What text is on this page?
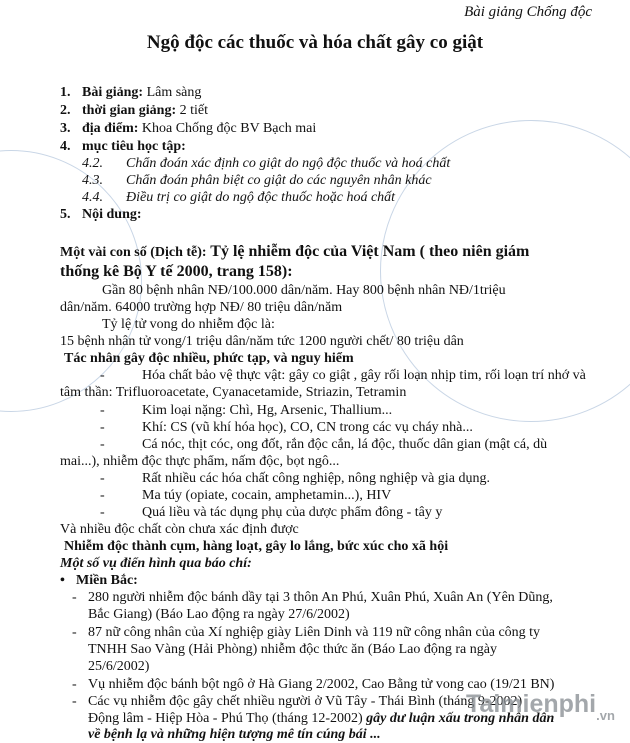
Bài giảng Chống độc
Ngộ độc các thuốc và hóa chất gây co giật
1. Bài giảng: Lâm sàng
2. thời gian giảng: 2 tiết
3. địa điểm: Khoa Chống độc BV Bạch mai
4. mục tiêu học tập:
4.2. Chẩn đoán xác định co giật do ngộ độc thuốc và hoá chất
4.3. Chẩn đoán phân biệt co giật do các nguyên nhân khác
4.4. Điều trị co giật do ngộ độc thuốc hoặc hoá chất
5. Nội dung:
Một vài con số (Dịch tễ): Tỷ lệ nhiễm độc của Việt Nam ( theo niên giám
thống kê Bộ Y tế 2000, trang 158):
Gần 80 bệnh nhân NĐ/100.000 dân/năm. Hay 800 bệnh nhân NĐ/1triệu
dân/năm. 64000 trường hợp NĐ/ 80 triệu dân/năm
Tỷ lệ tử vong do nhiễm độc là:
15 bệnh nhân tử vong/1 triệu dân/năm tức 1200 người chết/ 80 triệu dân
Tác nhân gây độc nhiều, phức tạp, và nguy hiểm
-	Hóa chất bảo vệ thực vật: gây co giật , gây rối loạn nhịp tim, rối loạn trí nhớ và
tâm thần: Trifluoroacetate, Cyanacetamide, Striazin, Tetramin
-	Kim loại nặng: Chì, Hg, Arsenic, Thallium...
-	Khí: CS (vũ khí hóa học), CO, CN trong các vụ cháy nhà...
-	Cá nóc, thịt cóc, ong đốt, rắn độc cắn, lá độc, thuốc dân gian (mật cá, dù
mai...), nhiễm độc thực phẩm, nấm độc, bọt ngô...
-	Rất nhiều các hóa chất công nghiệp, nông nghiệp và gia dụng.
-	Ma túy (opiate, cocain, amphetamin...), HIV
-	Quá liều và tác dụng phụ của dược phẩm đông - tây y
Và nhiều độc chất còn chưa xác định được
Nhiễm độc thành cụm, hàng loạt, gây lo lắng, bức xúc cho xã hội
Một số vụ điển hình qua báo chí:
• Miền Bắc:
- 280 người nhiễm độc bánh dầy tại 3 thôn An Phú, Xuân Phú, Xuân An (Yên Dũng,
Bắc Giang) (Báo Lao động ra ngày 27/6/2002)
- 87 nữ công nhân của Xí nghiệp giày Liên Dinh và 119 nữ công nhân của công ty
TNHH Sao Vàng (Hải Phòng) nhiễm độc thức ăn (Báo Lao động ra ngày
25/6/2002)
- Vụ nhiễm độc bánh bột ngô ở Hà Giang 2/2002, Cao Bằng tử vong cao (19/21 BN)
- Các vụ nhiễm độc gây chết nhiều người ở Vũ Tây - Thái Bình (tháng 9-2002)
Động lâm - Hiệp Hòa - Phú Thọ (tháng 12-2002) gây dư luận xấu trong nhân dân
về bệnh lạ và những hiện tượng mê tín cúng bái ...
Taimienphi$_{.vn}$
